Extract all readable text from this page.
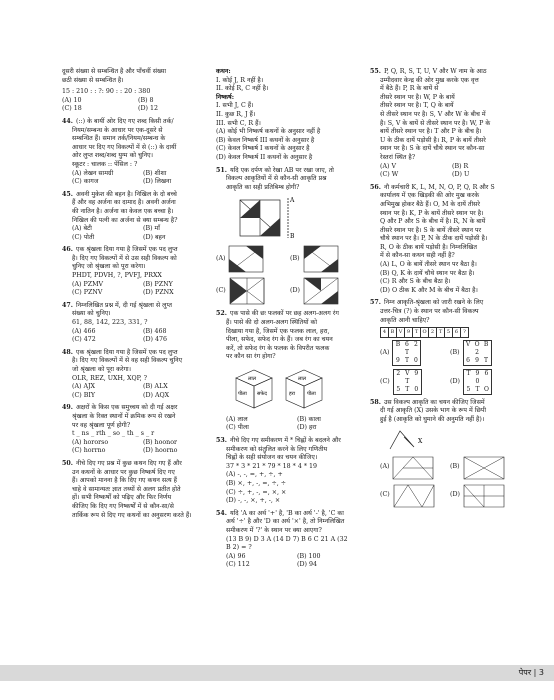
दूसरी संख्या से सम्बन्धित है और पाँचवीं संख्या

छठी संख्या से सम्बन्धित है।

15 : 210 : : ?: 90 : : 20 : 380

(A) 10	(B) 8
(C) 18	(D) 12

44. (::) के बायीं ओर दिए गए शब्द किसी तर्क/

नियम/सम्बन्ध के आधार पर एक-दूसरे से

सम्बन्धित हैं। समान तर्क/नियम/सम्बन्ध के

आधार पर दिए गए विकल्पों में से (::) के दायीं

ओर लुप्त शब्द/शब्द युग्म को चुनिए।

स्कूटर : चालक :: पेंसिल : ?

(A) लेखन सामग्री	(B) शीशा
(C) कागज	(D) लिखना

45. अवनी मुकेश की बहन है। निखिल के दो बच्चे

हैं और वह अर्जना का दामाद है। अवनी अर्जना

की नातिन है। अर्जना का केवल एक बच्चा है।

निखिल की पत्नी का अर्जना से क्या सम्बन्ध है?

(A) बेटी	(B) माँ
(C) पोती	(D) बहन

46. एक श्रृंखला दिया गया है जिसमें एक पद लुप्त

है। दिए गए विकल्पों में से उस सही विकल्प को

चुनिए जो श्रृंखला को पूरा करेगा।

PHDT, PDVH, ?, PVFJ, PRXX

(A) PZMV	(B) PZNY
(C) PZNV	(D) PZNX

47. निम्नलिखित प्रश्न में, दी गई श्रृंखला से लुप्त

संख्या को चुनिए।

61, 88, 142, 223, 331, ?

(A) 466	(B) 468
(C) 472	(D) 476

48. एक श्रृंखला दिया गया है जिसमें एक पद लुप्त

है। दिए गए विकल्पों में से वह सही विकल्प चुनिए

जो श्रृंखला को पूरा करेगा।

OLR, REZ, UXH, XQP, ?

(A) AJX	(B) ALX
(C) BIY	(D) AQX

49. अक्षरों के किस एक समुच्चय को दी गई अक्षर

श्रृंखला के रिक्त स्थानों में क्रमिक रूप से रखने

पर वह श्रृंखला पूर्ण होगी?

t _ ns _ rth _ so _ th _ s _ r

(A) hororso	(B) hoonor
(C) horrno	(D) hoorno

50. नीचे दिए गए प्रश्न में कुछ कथन दिए गए हैं और

उन कथनों के आधार पर कुछ निष्कर्ष दिए गए

हैं। आपको मानना है कि दिए गए कथन सत्य हैं

चाहे वे सामान्यतः ज्ञात तथ्यों से अलग प्रतीत होते

हों। सभी निष्कर्षों को पढ़िए और फिर निर्णय

कीजिए कि दिए गए निष्कर्षों में से कौन-सा/से

तार्किक रूप से दिए गए कथनों का अनुसरण करते हैं।

कथन:

I. कोई J, R नहीं है।

II. कोई R, C नहीं है।

निष्कर्ष:

I. सभी J, C हैं।

II. कुछ R, J हैं।

III. सभी C, R हैं।

(A) कोई भी निष्कर्ष कथनों के अनुसार नहीं है

(B) केवल निष्कर्ष III कथनों के अनुसार है

(C) केवल निष्कर्ष I कथनों के अनुसार है

(D) केवल निष्कर्ष II कथनों के अनुसार है

51. यदि एक दर्पण को रेखा AB पर रखा जाए, तो

विकल्प आकृतियों में से कौन-सी आकृति प्रश्न

आकृति का सही प्रतिबिम्ब होगी?

A
B
(A)	(B)
(C)	(D)

52. एक पासे की छः फलकों पर छह अलग-अलग रंग

हैं। पासे की दो अलग-अलग स्थितियों को

दिखाया गया है, जिसमें एक फलक लाल, हरा,

पीला, सफेद, सफेद रंग के हैं। जब रंग का चयन

करें, तो सफेद रंग के फलक के विपरीत फलक

पर कौन सा रंग होगा?

लाल
पीला सफेद
लाल
हरा पीला
(A) लाल	(B) काला
(C) पीला	(D) हरा

53. नीचे दिए गए समीकरण में * चिह्नों के बदलने और

समीकरण को संतुलित करने के लिए गणितीय

चिह्नों के सही संयोजन का चयन कीजिए।

37 * 3 * 21 * 79 * 18 * 4 * 19

(A) -, -, =, +, ÷, +

(B) ×, +, -, =, ÷, ÷

(C) ÷, +, -, =, ×, ×

(D) -, -, ×, +, -, ×

54. यदि 'A का अर्थ '+' है, 'B का अर्थ '-' है, 'C का

अर्थ '÷' है और 'D का अर्थ '×' है, तो निम्नलिखित

समीकरण में '?' के स्थान पर क्या आएगा?

(13 B 9) D 3 A (14 D 7) B 6 C 21 A (32

B 2) = ?

(A) 96	(B) 100
(C) 112	(D) 94

55. P, Q, R, S, T, U, V और W नाम के आठ

उम्मीदवार केन्द्र की ओर मुख करके एक वृत्त

में बैठे हैं। P, R के बायें से

तीसरे स्थान पर है। W, P के बायें

तीसरे स्थान पर है। T, Q के बायें

से तीसरे स्थान पर है। S, V और W के बीच में

है। S, V के बायें से तीसरे स्थान पर है। W, P के

बायें तीसरे स्थान पर है। T और P के बीच है।

U के ठीक दायें पड़ोसी है। R, P के बायें तीसरे

स्थान पर है। S के दायें चौथे स्थान पर कौन-सा

रेस्तरां स्थित है?

(A) V	(B) R
(C) W	(D) U

56. नौ कर्मचारी K, L, M, N, O, P, Q, R और S

कार्यालय में एक खिड़की की ओर मुख करके

अभिमुख होकर बैठे हैं। O, M के दायें तीसरे

स्थान पर है। K, P के बायें तीसरे स्थान पर है।

Q और P और S के बीच में है। R, N के बायें

तीसरे स्थान पर है। S के बायें तीसरे स्थान पर

चौथे स्थान पर है। P, N के ठीक दायें पड़ोसी है।

R, O के ठीक बायें पड़ोसी है। निम्नलिखित

में से कौन-सा कथन सही नहीं है?

(A) L, O के बायें तीसरे स्थान पर बैठा है।

(B) Q, K के दायें चौथे स्थान पर बैठा है।

(C) R और S के बीच बैठा है।

(D) O ठीक K और M के बीच में बैठा है।

57. निम्न आकृति-श्रृंखला को जारी रखने के लिए

उत्तर-चित्र (?) के स्थान पर कौन-सी विकल्प

आकृति आनी चाहिए?

4	B	V	9	T	O	2	T	5	6	?
(A)
B 6 2
T
9 T 0
(B)
V O B
2
6 9 T
(C)
2 V 9
T
5 T 0
(D)
T 9 6
0
5 T O

58. उस विकल्प आकृति का चयन कीजिए जिसमें

दी गई आकृति (X) उसके भाग के रूप में छिपी

हुई है (आकृति को घुमाने की अनुमति नहीं है)।

X
(A)	(B)
(C)	(D)
पेपर | 3
